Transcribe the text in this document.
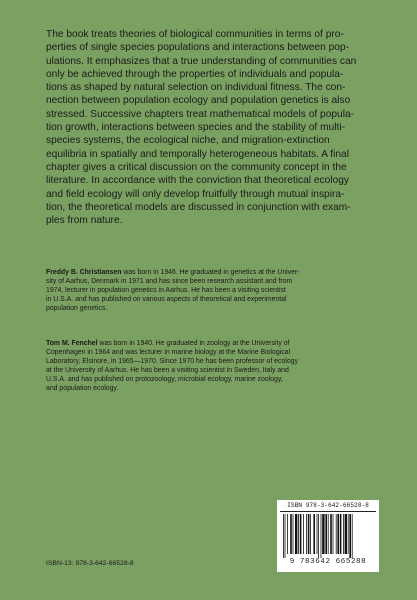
The book treats theories of biological communities in terms of pro-
perties of single species populations and interactions between pop-
ulations. It emphasizes that a true understanding of communities can
only be achieved through the properties of individuals and popula-
tions as shaped by natural selection on individual fitness. The con-
nection between population ecology and population genetics is also
stressed. Successive chapters treat mathematical models of popula-
tion growth, interactions between species and the stability of multi-
species systems, the ecological niche, and migration-extinction
equilibria in spatially and temporally heterogeneous habitats. A final
chapter gives a critical discussion on the community concept in the
literature. In accordance with the conviction that theoretical ecology
and field ecology will only develop fruitfully through mutual inspira-
tion, the theoretical models are discussed in conjunction with exam-
ples from nature.
Freddy B. Christiansen was born in 1946. He graduated in genetics at the Univer-
sity of Aarhus, Denmark in 1971 and has since been research assistant and from
1974, lecturer in population genetics in Aarhus. He has been a visiting scientist
in U.S.A. and has published on various aspects of theoretical and experimental
population genetics.
Tom M. Fenchel was born in 1940. He graduated in zoology at the University of
Copenhagen in 1964 and was lecturer in marine biology at the Marine Biological
Laboratory, Elsinore, in 1965—1970. Since 1970 he has been professor of ecology
at the University of Aarhus. He has been a visiting scientist in Sweden, Italy and
U.S.A. and has published on protozoology, microbial ecology, marine zoology,
and population ecology.
ISBN-13: 978-3-642-66528-8
ISBN 978-3-642-66528-8
9 783642 665288
